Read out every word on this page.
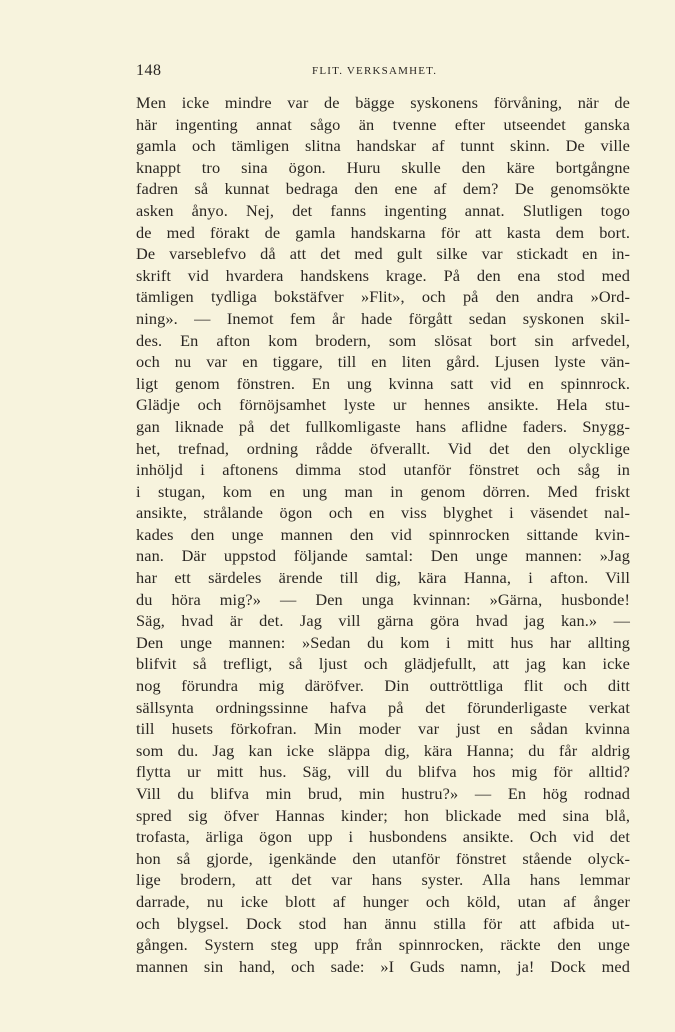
148	FLIT. VERKSAMHET.
Men icke mindre var de bägge syskonens förvåning, när de
här ingenting annat sågo än tvenne efter utseendet ganska
gamla och tämligen slitna handskar af tunnt skinn. De ville
knappt tro sina ögon. Huru skulle den käre bortgångne
fadren så kunnat bedraga den ene af dem? De genomsökte
asken ånyo. Nej, det fanns ingenting annat. Slutligen togo
de med förakt de gamla handskarna för att kasta dem bort.
De varseblefvo då att det med gult silke var stickadt en in-
skrift vid hvardera handskens krage. På den ena stod med
tämligen tydliga bokstäfver »Flit», och på den andra »Ord-
ning». — Inemot fem år hade förgått sedan syskonen skil-
des. En afton kom brodern, som slösat bort sin arfvedel,
och nu var en tiggare, till en liten gård. Ljusen lyste vän-
ligt genom fönstren. En ung kvinna satt vid en spinnrock.
Glädje och förnöjsamhet lyste ur hennes ansikte. Hela stu-
gan liknade på det fullkomligaste hans aflidne faders. Snygg-
het, trefnad, ordning rådde öfverallt. Vid det den olycklige
inhöljd i aftonens dimma stod utanför fönstret och såg in
i stugan, kom en ung man in genom dörren. Med friskt
ansikte, strålande ögon och en viss blyghet i väsendet nal-
kades den unge mannen den vid spinnrocken sittande kvin-
nan. Där uppstod följande samtal: Den unge mannen: »Jag
har ett särdeles ärende till dig, kära Hanna, i afton. Vill
du höra mig?» — Den unga kvinnan: »Gärna, husbonde!
Säg, hvad är det. Jag vill gärna göra hvad jag kan.» —
Den unge mannen: »Sedan du kom i mitt hus har allting
blifvit så trefligt, så ljust och glädjefullt, att jag kan icke
nog förundra mig däröfver. Din outtröttliga flit och ditt
sällsynta ordningssinne hafva på det förunderligaste verkat
till husets förkofran. Min moder var just en sådan kvinna
som du. Jag kan icke släppa dig, kära Hanna; du får aldrig
flytta ur mitt hus. Säg, vill du blifva hos mig för alltid?
Vill du blifva min brud, min hustru?» — En hög rodnad
spred sig öfver Hannas kinder; hon blickade med sina blå,
trofasta, ärliga ögon upp i husbondens ansikte. Och vid det
hon så gjorde, igenkände den utanför fönstret stående olyck-
lige brodern, att det var hans syster. Alla hans lemmar
darrade, nu icke blott af hunger och köld, utan af ånger
och blygsel. Dock stod han ännu stilla för att afbida ut-
gången. Systern steg upp från spinnrocken, räckte den unge
mannen sin hand, och sade: »I Guds namn, ja! Dock med
